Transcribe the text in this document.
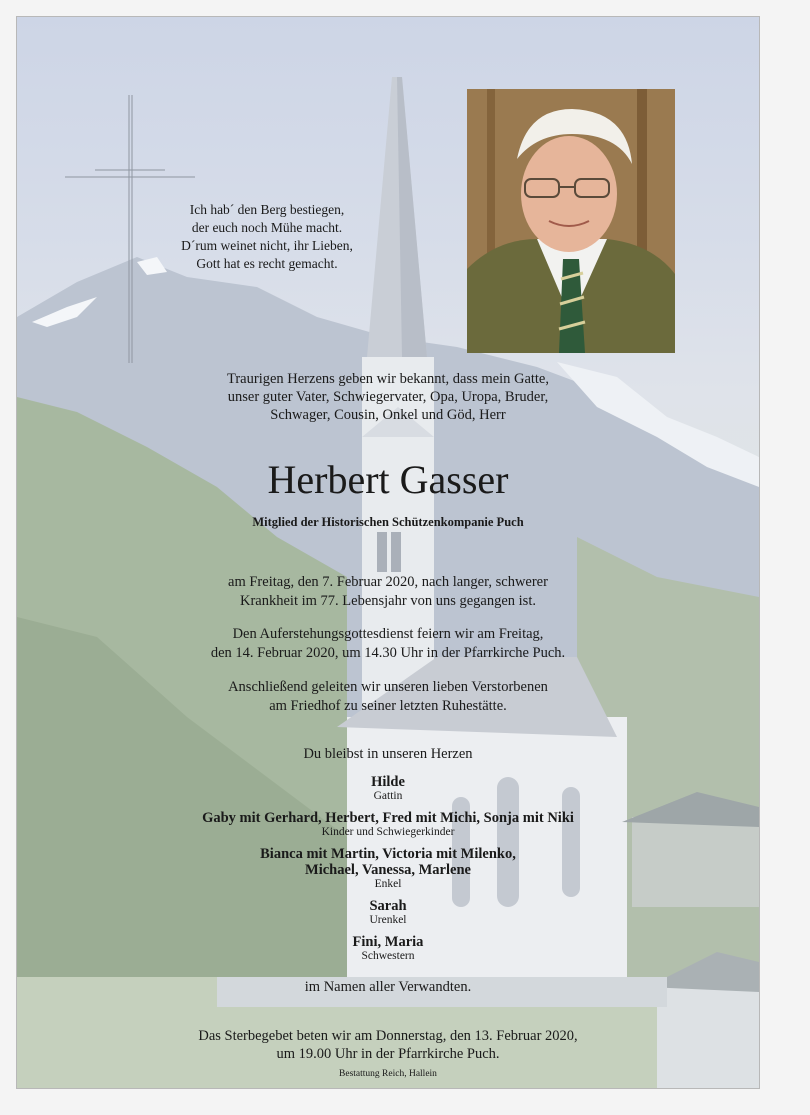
Ich hab´ den Berg bestiegen,
der euch noch Mühe macht.
D´rum weinet nicht, ihr Lieben,
Gott hat es recht gemacht.
Traurigen Herzens geben wir bekannt, dass mein Gatte,
unser guter Vater, Schwiegervater, Opa, Uropa, Bruder,
Schwager, Cousin, Onkel und Göd, Herr
Herbert Gasser
Mitglied der Historischen Schützenkompanie Puch
am Freitag, den 7. Februar 2020, nach langer, schwerer
Krankheit im 77. Lebensjahr von uns gegangen ist.
Den Auferstehungsgottesdienst feiern wir am Freitag,
den 14. Februar 2020, um 14.30 Uhr in der Pfarrkirche Puch.
Anschließend geleiten wir unseren lieben Verstorbenen
am Friedhof zu seiner letzten Ruhestätte.
Du bleibst in unseren Herzen
Hilde
Gattin
Gaby mit Gerhard, Herbert, Fred mit Michi, Sonja mit Niki
Kinder und Schwiegerkinder
Bianca mit Martin, Victoria mit Milenko,
Michael, Vanessa, Marlene
Enkel
Sarah
Urenkel
Fini, Maria
Schwestern
im Namen aller Verwandten.
Das Sterbegebet beten wir am Donnerstag, den 13. Februar 2020,
um 19.00 Uhr in der Pfarrkirche Puch.
Bestattung Reich, Hallein
